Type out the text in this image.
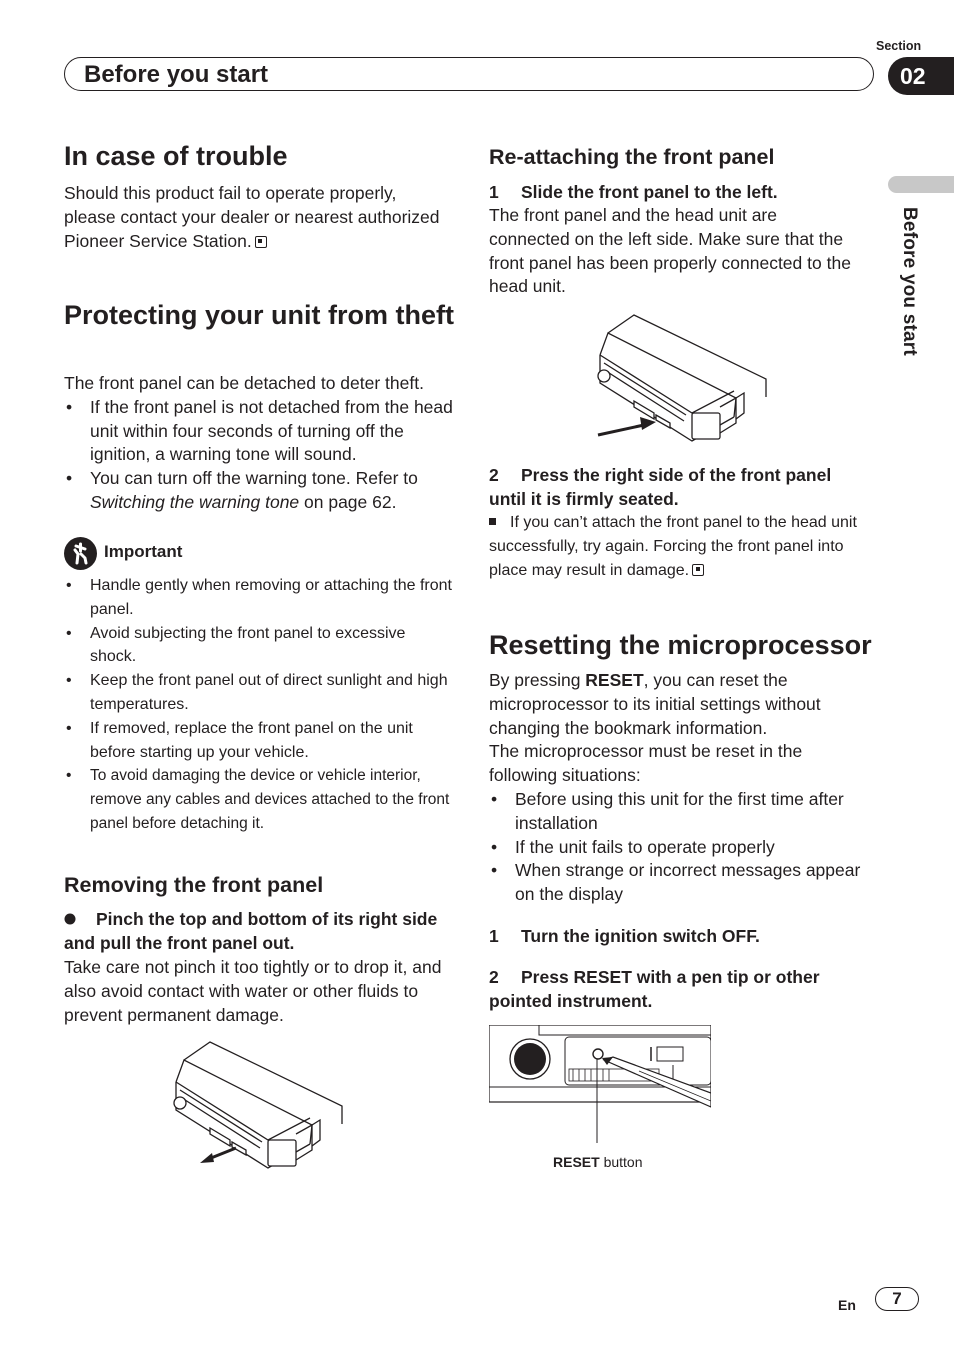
Before you start
Section
02
Before you start
In case of trouble
Should this product fail to operate properly, please contact your dealer or nearest authorized Pioneer Service Station.
Protecting your unit from theft
The front panel can be detached to deter theft.
• If the front panel is not detached from the head unit within four seconds of turning off the ignition, a warning tone will sound.
• You can turn off the warning tone. Refer to Switching the warning tone on page 62.
Important
• Handle gently when removing or attaching the front panel.
• Avoid subjecting the front panel to excessive shock.
• Keep the front panel out of direct sunlight and high temperatures.
• If removed, replace the front panel on the unit before starting up your vehicle.
• To avoid damaging the device or vehicle interior, remove any cables and devices attached to the front panel before detaching it.
Removing the front panel
Pinch the top and bottom of its right side and pull the front panel out.
Take care not pinch it too tightly or to drop it, and also avoid contact with water or other fluids to prevent permanent damage.
Re-attaching the front panel
1 Slide the front panel to the left.
The front panel and the head unit are connected on the left side. Make sure that the front panel has been properly connected to the head unit.
2 Press the right side of the front panel until it is firmly seated.
If you can’t attach the front panel to the head unit successfully, try again. Forcing the front panel into place may result in damage.
Resetting the microprocessor
By pressing RESET, you can reset the microprocessor to its initial settings without changing the bookmark information.
The microprocessor must be reset in the following situations:
• Before using this unit for the first time after installation
• If the unit fails to operate properly
• When strange or incorrect messages appear on the display
1 Turn the ignition switch OFF.
2 Press RESET with a pen tip or other pointed instrument.
RESET button
En	7
